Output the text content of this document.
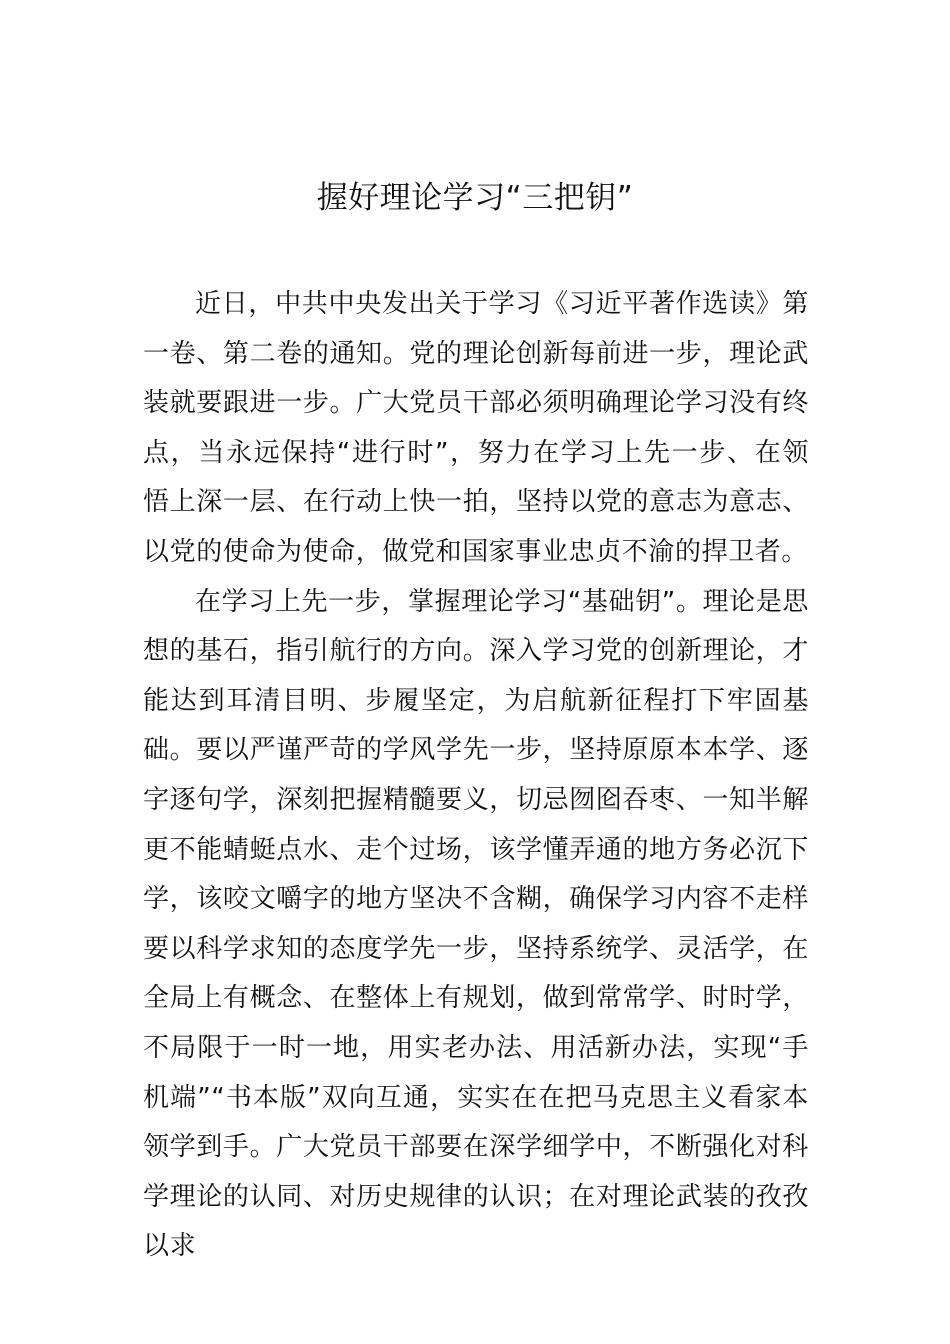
握好理论学习“三把钥”

近日，中共中央发出关于学习《习近平著作选读》第一卷、第二卷的通知。党的理论创新每前进一步，理论武装就要跟进一步。广大党员干部必须明确理论学习没有终点，当永远保持“进行时”，努力在学习上先一步、在领悟上深一层、在行动上快一拍，坚持以党的意志为意志、以党的使命为使命，做党和国家事业忠贞不渝的捍卫者。

在学习上先一步，掌握理论学习“基础钥”。理论是思想的基石，指引航行的方向。深入学习党的创新理论，才能达到耳清目明、步履坚定，为启航新征程打下牢固基础。要以严谨严苛的学风学先一步，坚持原原本本学、逐字逐句学，深刻把握精髓要义，切忌囫囵吞枣、一知半解更不能蜻蜓点水、走个过场，该学懂弄通的地方务必沉下学，该咬文嚼字的地方坚决不含糊，确保学习内容不走样要以科学求知的态度学先一步，坚持系统学、灵活学，在全局上有概念、在整体上有规划，做到常常学、时时学，不局限于一时一地，用实老办法、用活新办法，实现“手机端”“书本版”双向互通，实实在在把马克思主义看家本领学到手。广大党员干部要在深学细学中，不断强化对科学理论的认同、对历史规律的认识；在对理论武装的孜孜以求
